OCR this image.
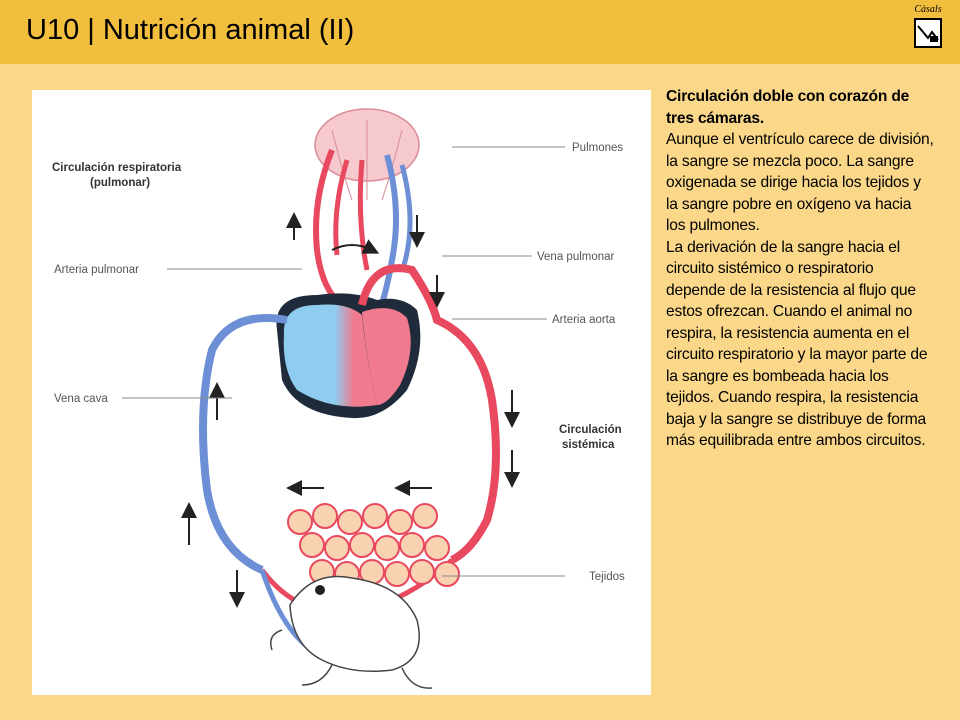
U10 | Nutrición animal (II)
Càsals
Circulación respiratoria
(pulmonar)
Pulmones
Vena pulmonar
Arteria pulmonar
Arteria aorta
Vena cava
Circulación
sistémica
Tejidos

Circulación doble con corazón de tres cámaras.

Aunque el ventrículo carece de división, la sangre se mezcla poco. La sangre oxigenada se dirige hacia los tejidos y la sangre pobre en oxígeno va hacia los pulmones.

La derivación de la sangre hacia el circuito sistémico o respiratorio depende de la resistencia al flujo que estos ofrezcan. Cuando el animal no respira, la resistencia aumenta en el circuito respiratorio y la mayor parte de la sangre es bombeada hacia los tejidos. Cuando respira, la resistencia baja y la sangre se distribuye de forma más equilibrada entre ambos circuitos.
